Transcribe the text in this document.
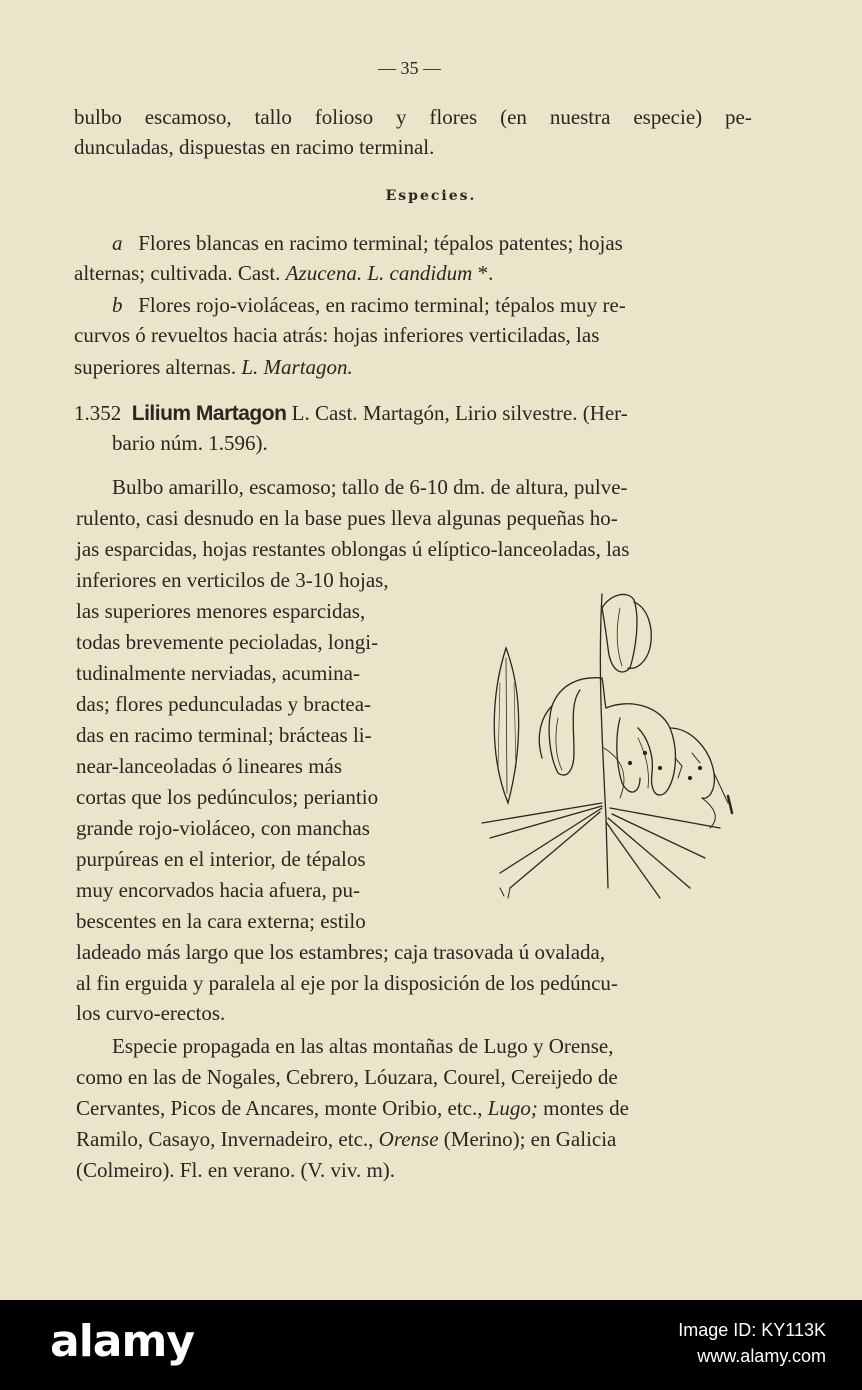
— 35 —
bulbo escamoso, tallo folioso y flores (en nuestra especie) pe-
dunculadas, dispuestas en racimo terminal.
Especies.
a Flores blancas en racimo terminal; tépalos patentes; hojas
alternas; cultivada. Cast. Azucena. L. candidum *.
b Flores rojo-violáceas, en racimo terminal; tépalos muy re-
curvos ó revueltos hacia atrás: hojas inferiores verticiladas, las
superiores alternas. L. Martagon.
1.352 Lilium Martagon L. Cast. Martagón, Lirio silvestre. (Her-
bario núm. 1.596).
Bulbo amarillo, escamoso; tallo de 6-10 dm. de altura, pulve-
rulento, casi desnudo en la base pues lleva algunas pequeñas ho-
jas esparcidas, hojas restantes oblongas ú elíptico-lanceoladas, las
inferiores en verticilos de 3-10 hojas,
las superiores menores esparcidas,
todas brevemente pecioladas, longi-
tudinalmente nerviadas, acumina-
das; flores pedunculadas y bractea-
das en racimo terminal; brácteas li-
near-lanceoladas ó lineares más
cortas que los pedúnculos; periantio
grande rojo-violáceo, con manchas
purpúreas en el interior, de tépalos
muy encorvados hacia afuera, pu-
bescentes en la cara externa; estilo
ladeado más largo que los estambres; caja trasovada ú ovalada,
al fin erguida y paralela al eje por la disposición de los pedúncu-
los curvo-erectos.
Especie propagada en las altas montañas de Lugo y Orense,
como en las de Nogales, Cebrero, Lóuzara, Courel, Cereijedo de
Cervantes, Picos de Ancares, monte Oribio, etc., Lugo; montes de
Ramilo, Casayo, Invernadeiro, etc., Orense (Merino); en Galicia
(Colmeiro). Fl. en verano. (V. viv. m).
alamy	Image ID: KY113K
www.alamy.com
